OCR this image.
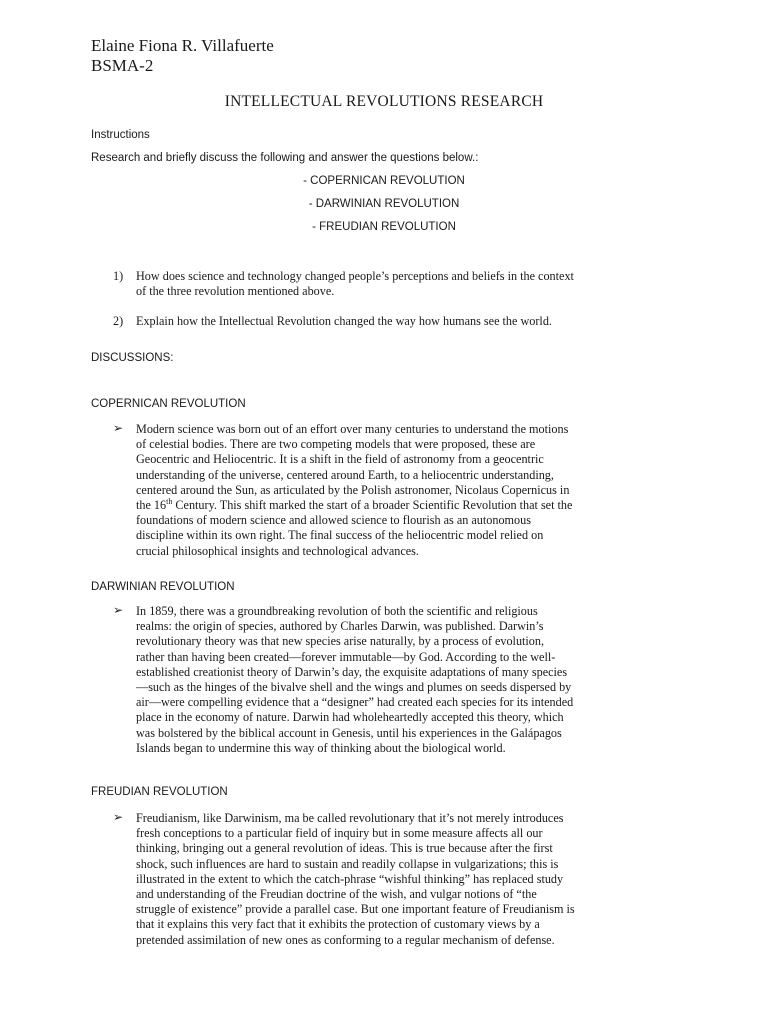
Elaine Fiona R. Villafuerte
BSMA-2
INTELLECTUAL REVOLUTIONS RESEARCH
Instructions
Research and briefly discuss the following and answer the questions below.:
- COPERNICAN REVOLUTION
- DARWINIAN REVOLUTION
- FREUDIAN REVOLUTION
1) How does science and technology changed people’s perceptions and beliefs in the context
of the three revolution mentioned above.
2) Explain how the Intellectual Revolution changed the way how humans see the world.
DISCUSSIONS:
COPERNICAN REVOLUTION
➢ Modern science was born out of an effort over many centuries to understand the motions
of celestial bodies. There are two competing models that were proposed, these are
Geocentric and Heliocentric. It is a shift in the field of astronomy from a geocentric
understanding of the universe, centered around Earth, to a heliocentric understanding,
centered around the Sun, as articulated by the Polish astronomer, Nicolaus Copernicus in
the 16th Century. This shift marked the start of a broader Scientific Revolution that set the
foundations of modern science and allowed science to flourish as an autonomous
discipline within its own right. The final success of the heliocentric model relied on
crucial philosophical insights and technological advances.
DARWINIAN REVOLUTION
➢ In 1859, there was a groundbreaking revolution of both the scientific and religious
realms: the origin of species, authored by Charles Darwin, was published. Darwin’s
revolutionary theory was that new species arise naturally, by a process of evolution,
rather than having been created—forever immutable—by God. According to the well-
established creationist theory of Darwin’s day, the exquisite adaptations of many species
—such as the hinges of the bivalve shell and the wings and plumes on seeds dispersed by
air—were compelling evidence that a “designer” had created each species for its intended
place in the economy of nature. Darwin had wholeheartedly accepted this theory, which
was bolstered by the biblical account in Genesis, until his experiences in the Galápagos
Islands began to undermine this way of thinking about the biological world.
FREUDIAN REVOLUTION
➢ Freudianism, like Darwinism, ma be called revolutionary that it’s not merely introduces
fresh conceptions to a particular field of inquiry but in some measure affects all our
thinking, bringing out a general revolution of ideas. This is true because after the first
shock, such influences are hard to sustain and readily collapse in vulgarizations; this is
illustrated in the extent to which the catch-phrase “wishful thinking” has replaced study
and understanding of the Freudian doctrine of the wish, and vulgar notions of “the
struggle of existence” provide a parallel case. But one important feature of Freudianism is
that it explains this very fact that it exhibits the protection of customary views by a
pretended assimilation of new ones as conforming to a regular mechanism of defense.
